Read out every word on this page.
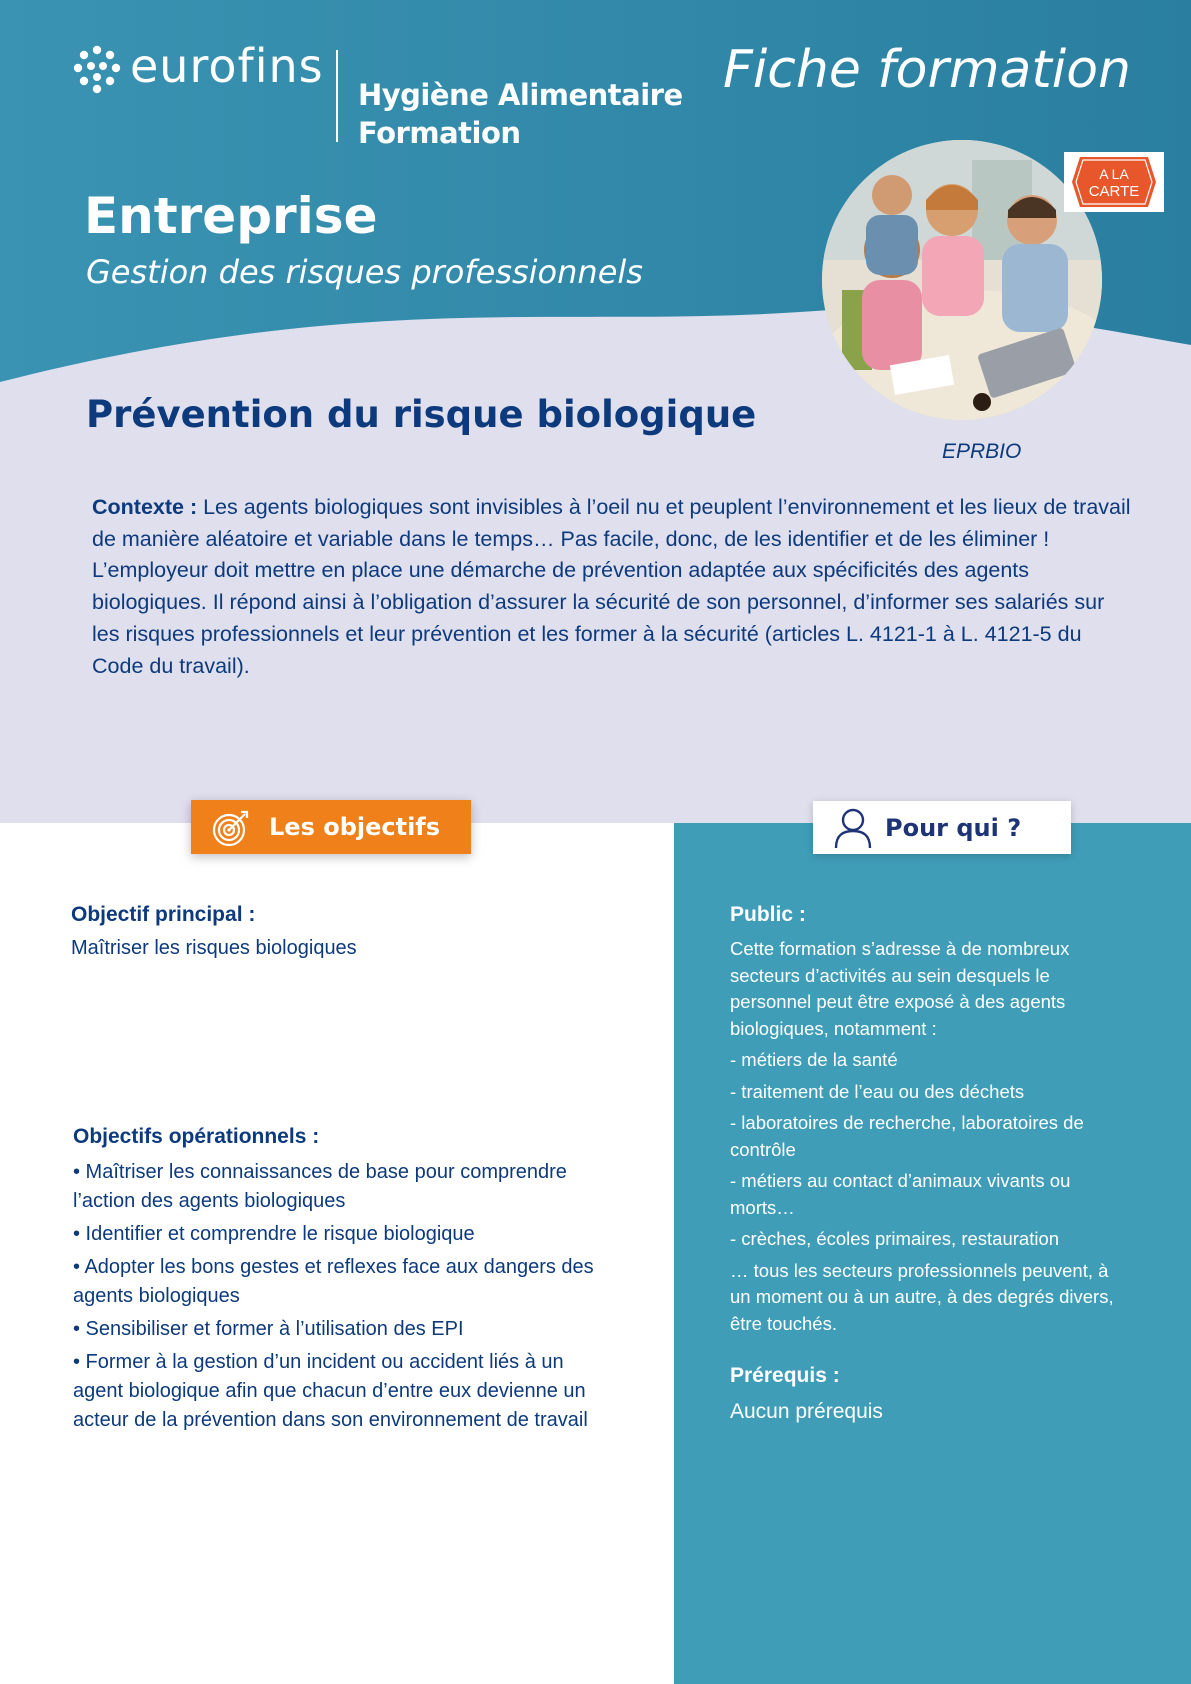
eurofins
Hygiène Alimentaire
Formation
Fiche formation
A LA
CARTE
Entreprise
Gestion des risques professionnels
Prévention du risque biologique
EPRBIO
Contexte : Les agents biologiques sont invisibles à l’oeil nu et peuplent l’environnement et les lieux de travail de manière aléatoire et variable dans le temps… Pas facile, donc, de les identifier et de les éliminer ! L’employeur doit mettre en place une démarche de prévention adaptée aux spécificités des agents biologiques. Il répond ainsi à l’obligation d’assurer la sécurité de son personnel, d’informer ses salariés sur les risques professionnels et leur prévention et les former à la sécurité (articles L. 4121-1 à L. 4121-5 du Code du travail).
Les objectifs	Pour qui ?
Objectif principal :
Maîtriser les risques biologiques
Objectifs opérationnels :
• Maîtriser les connaissances de base pour comprendre l’action des agents biologiques
• Identifier et comprendre le risque biologique
• Adopter les bons gestes et reflexes face aux dangers des agents biologiques
• Sensibiliser et former à l’utilisation des EPI
• Former à la gestion d’un incident ou accident liés à un agent biologique afin que chacun d’entre eux devienne un acteur de la prévention dans son environnement de travail
Public :
Cette formation s’adresse à de nombreux secteurs d’activités au sein desquels le personnel peut être exposé à des agents biologiques, notamment :
- métiers de la santé
- traitement de l’eau ou des déchets
- laboratoires de recherche, laboratoires de contrôle
- métiers au contact d’animaux vivants ou morts…
- crèches, écoles primaires, restauration
… tous les secteurs professionnels peuvent, à un moment ou à un autre, à des degrés divers, être touchés.
Prérequis :
Aucun prérequis
